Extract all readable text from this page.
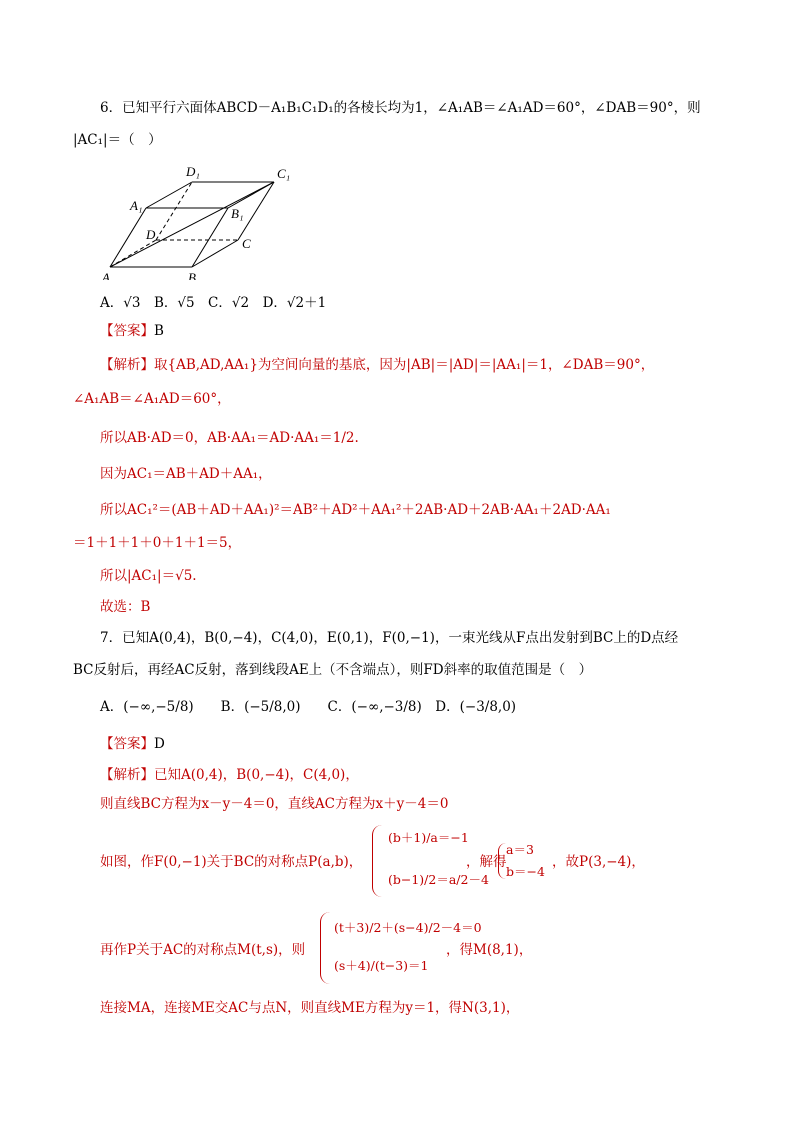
6．已知平行六面体ABCD－A₁B₁C₁D₁的各棱长均为1，∠A₁AB＝∠A₁AD＝60°，∠DAB＝90°，则
|AC₁|＝（　）
A	B
C
D
A₁
B₁
C₁
D₁
A．√3　B．√5　C．√2　D．√2＋1
【答案】B
【解析】取{AB,AD,AA₁}为空间向量的基底，因为|AB|＝|AD|＝|AA₁|＝1，∠DAB＝90°，
∠A₁AB＝∠A₁AD＝60°，
所以AB·AD＝0，AB·AA₁＝AD·AA₁＝1/2.
因为AC₁＝AB＋AD＋AA₁，
所以AC₁²＝(AB＋AD＋AA₁)²＝AB²＋AD²＋AA₁²＋2AB·AD＋2AB·AA₁＋2AD·AA₁
＝1＋1＋1＋0＋1＋1＝5，
所以|AC₁|＝√5.
故选：B
7．已知A(0,4)，B(0,−4)，C(4,0)，E(0,1)，F(0,−1)，一束光线从F点出发射到BC上的D点经
BC反射后，再经AC反射，落到线段AE上（不含端点），则FD斜率的取值范围是（　）
A．(−∞,−5/8)　　B．(−5/8,0)　　C．(−∞,−3/8)　D．(−3/8,0)
【答案】D
【解析】已知A(0,4)，B(0,−4)，C(4,0)，
则直线BC方程为x－y－4＝0，直线AC方程为x＋y－4＝0
如图，作F(0,−1)关于BC的对称点P(a,b)，
(b＋1)/a＝−1
(b−1)/2＝a/2－4
，解得
a＝3
b＝−4
，故P(3,−4)，
再作P关于AC的对称点M(t,s)，则
(t＋3)/2＋(s−4)/2－4＝0
(s＋4)/(t−3)＝1
，得M(8,1)，
连接MA，连接ME交AC与点N，则直线ME方程为y＝1，得N(3,1)，
